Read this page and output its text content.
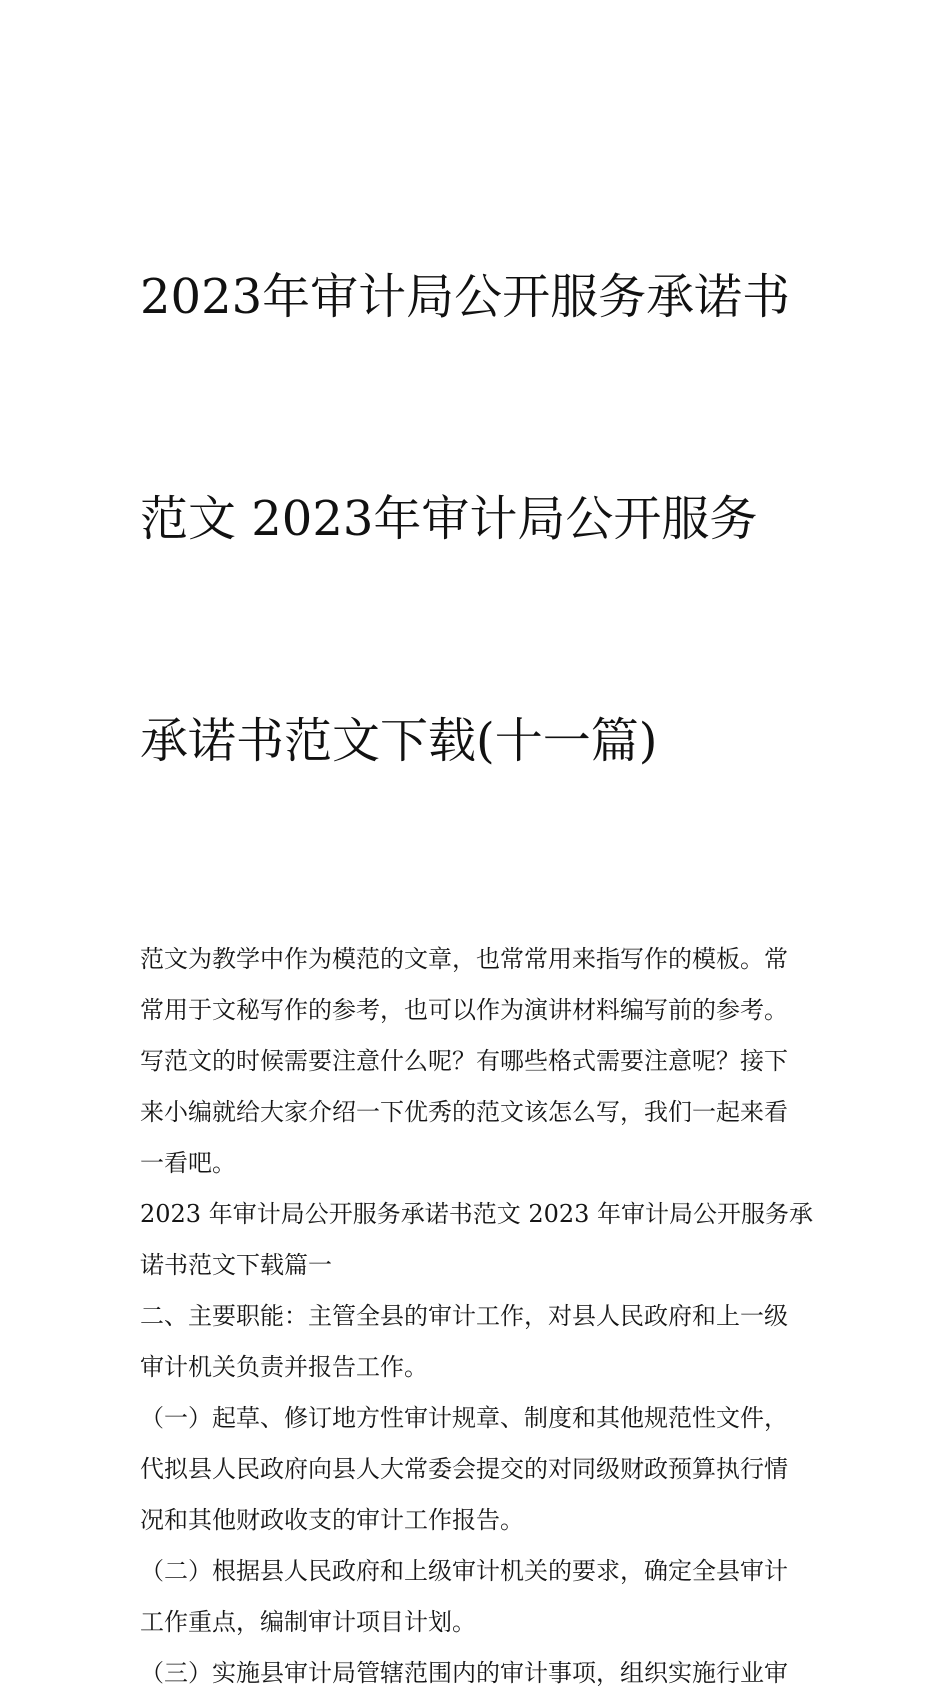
2023年审计局公开服务承诺书

范文 2023年审计局公开服务

承诺书范文下载(十一篇)

范文为教学中作为模范的文章，也常常用来指写作的模板。常
常用于文秘写作的参考，也可以作为演讲材料编写前的参考。
写范文的时候需要注意什么呢？有哪些格式需要注意呢？接下
来小编就给大家介绍一下优秀的范文该怎么写，我们一起来看
一看吧。

2023 年审计局公开服务承诺书范文 2023 年审计局公开服务承
诺书范文下载篇一

二、主要职能：主管全县的审计工作，对县人民政府和上一级
审计机关负责并报告工作。

（一）起草、修订地方性审计规章、制度和其他规范性文件，
代拟县人民政府向县人大常委会提交的对同级财政预算执行情
况和其他财政收支的审计工作报告。

（二）根据县人民政府和上级审计机关的要求，确定全县审计
工作重点，编制审计项目计划。

（三）实施县审计局管辖范围内的审计事项，组织实施行业审
